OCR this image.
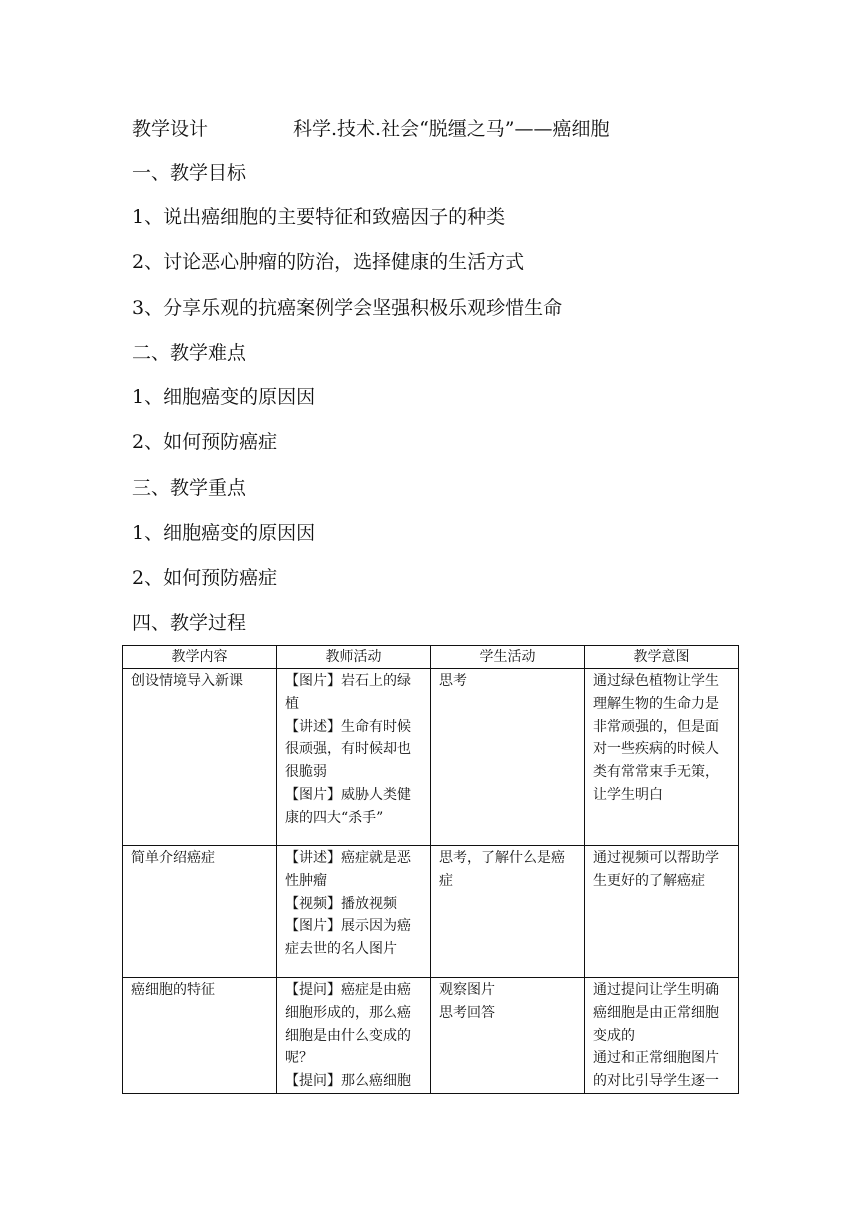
教学设计	科学.技术.社会“脱缰之马”——癌细胞
一、教学目标
1、说出癌细胞的主要特征和致癌因子的种类
2、讨论恶心肿瘤的防治，选择健康的生活方式
3、分享乐观的抗癌案例学会坚强积极乐观珍惜生命
二、教学难点
1、细胞癌变的原因因
2、如何预防癌症
三、教学重点
1、细胞癌变的原因因
2、如何预防癌症
四、教学过程
教学内容	教师活动	学生活动	教学意图
创设情境导入新课	【图片】岩石上的绿植
【讲述】生命有时候很顽强，有时候却也很脆弱
【图片】威胁人类健康的四大“杀手”	思考	通过绿色植物让学生理解生物的生命力是非常顽强的，但是面对一些疾病的时候人类有常常束手无策，让学生明白

简单介绍癌症	【讲述】癌症就是恶性肿瘤
【视频】播放视频
【图片】展示因为癌症去世的名人图片	思考，了解什么是癌症	通过视频可以帮助学生更好的了解癌症

癌细胞的特征	【提问】癌症是由癌细胞形成的，那么癌细胞是由什么变成的呢？
【提问】那么癌细胞	观察图片
思考回答	通过提问让学生明确癌细胞是由正常细胞变成的
通过和正常细胞图片的对比引导学生逐一
